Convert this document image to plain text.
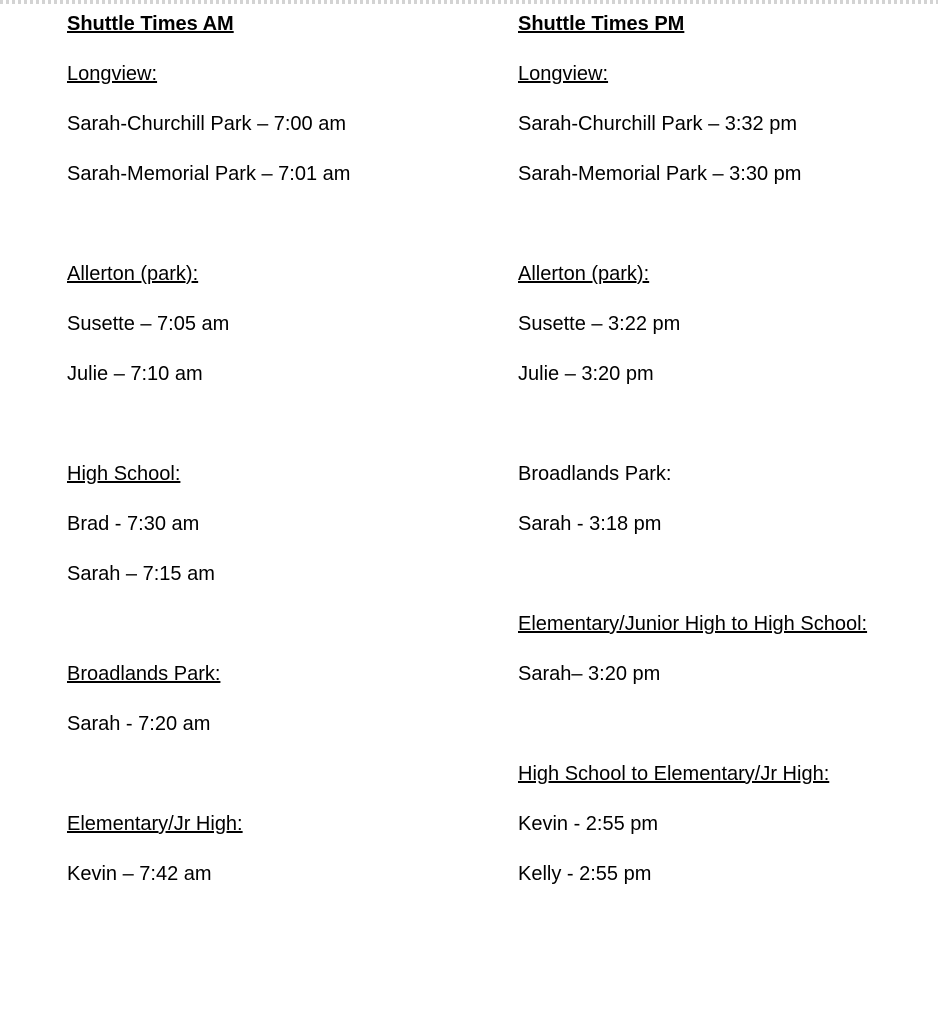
Shuttle Times AM
Longview:
Sarah-Churchill Park – 7:00 am
Sarah-Memorial Park – 7:01 am
Allerton (park):
Susette – 7:05 am
Julie – 7:10 am
High School:
Brad - 7:30 am
Sarah – 7:15 am
Broadlands Park:
Sarah - 7:20 am
Elementary/Jr High:
Kevin – 7:42 am
Shuttle Times PM
Longview:
Sarah-Churchill Park – 3:32 pm
Sarah-Memorial Park – 3:30 pm
Allerton (park):
Susette – 3:22 pm
Julie – 3:20 pm
Broadlands Park:
Sarah - 3:18 pm
Elementary/Junior High to High School:
Sarah– 3:20 pm
High School to Elementary/Jr High:
Kevin - 2:55 pm
Kelly - 2:55 pm
